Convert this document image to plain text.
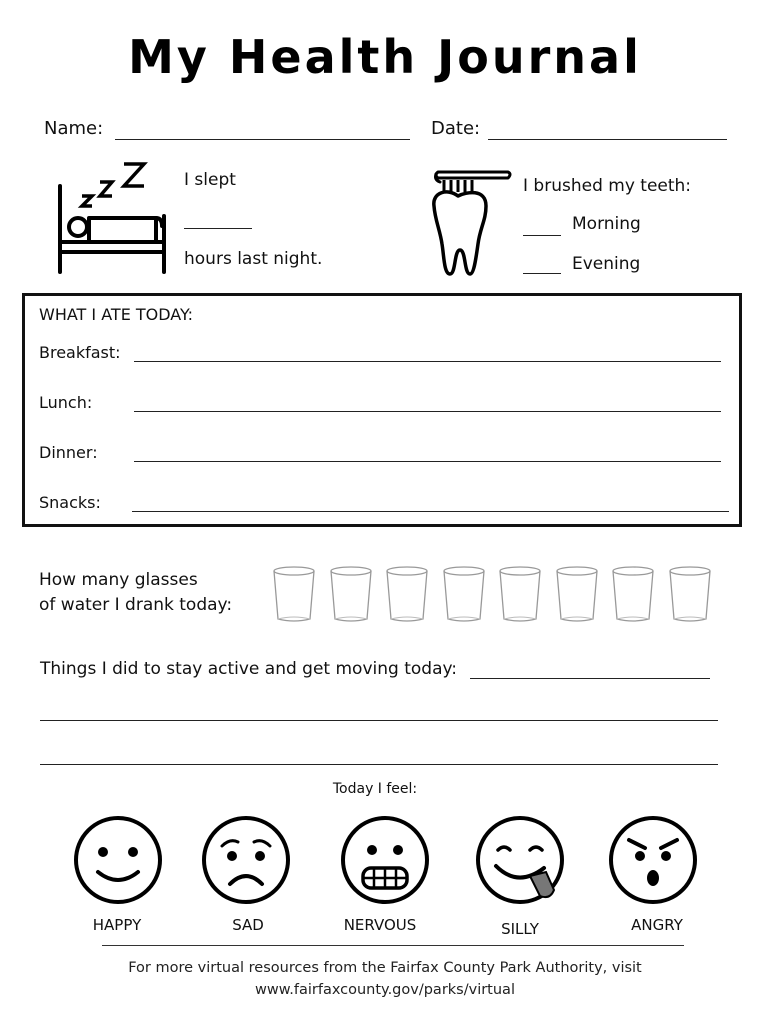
My Health Journal
Name:	Date:
I slept
hours last night.
I brushed my teeth:
Morning
Evening
WHAT I ATE TODAY:
Breakfast:
Lunch:
Dinner:
Snacks:
How many glasses
of water I drank today:
Things I did to stay active and get moving today:
Today I feel:
HAPPY	SAD	NERVOUS	SILLY	ANGRY
For more virtual resources from the Fairfax County Park Authority, visit
www.fairfaxcounty.gov/parks/virtual
